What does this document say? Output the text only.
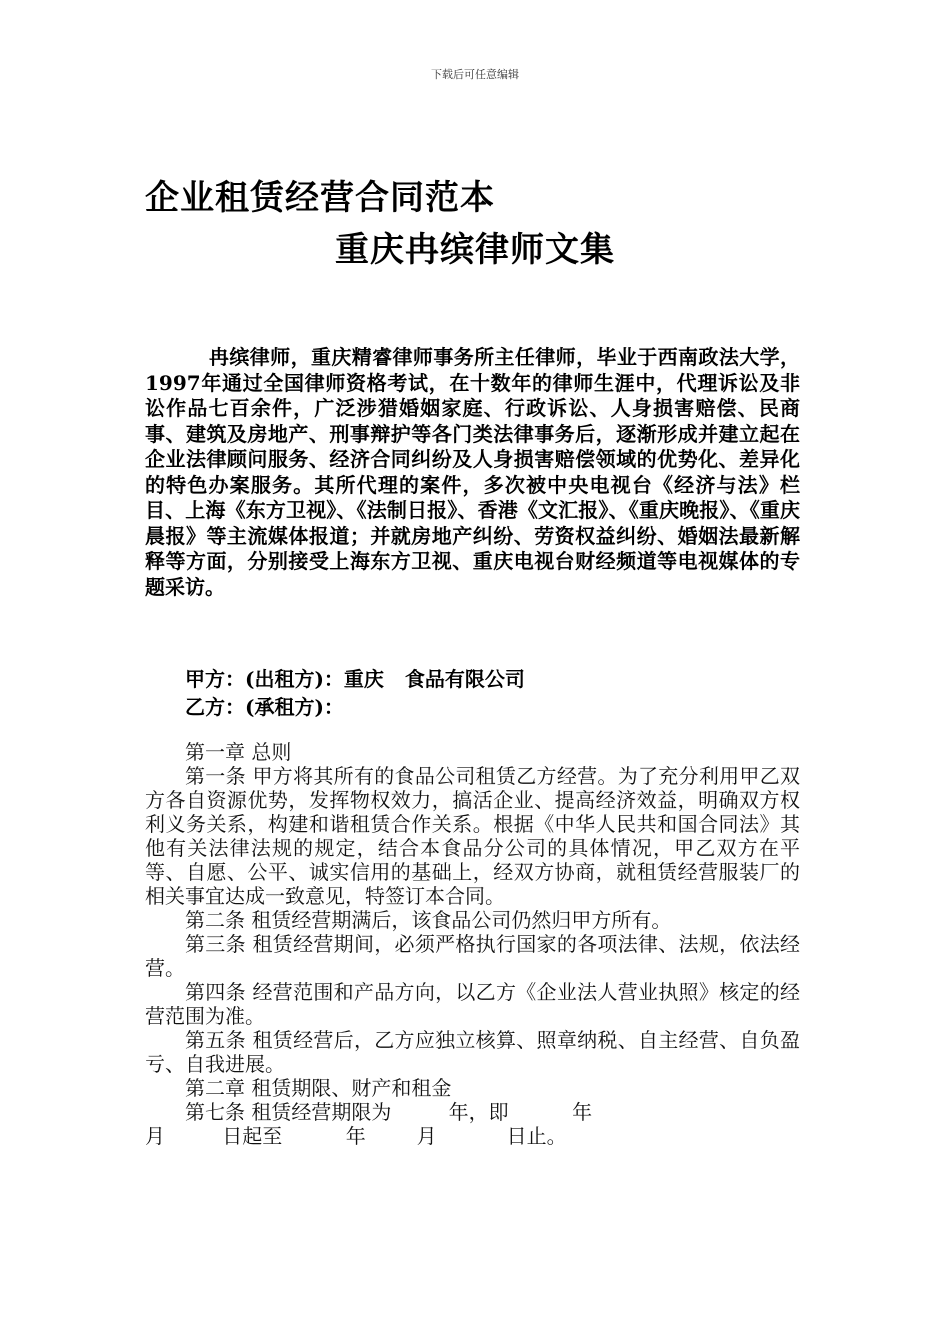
下载后可任意编辑
企业租赁经营合同范本
重庆冉缤律师文集

冉缤律师，重庆精睿律师事务所主任律师，毕业于西南政法大学，1997年通过全国律师资格考试，在十数年的律师生涯中，代理诉讼及非讼作品七百余件，广泛涉猎婚姻家庭、行政诉讼、人身损害赔偿、民商事、建筑及房地产、刑事辩护等各门类法律事务后，逐渐形成并建立起在企业法律顾问服务、经济合同纠纷及人身损害赔偿领域的优势化、差异化的特色办案服务。其所代理的案件，多次被中央电视台《经济与法》栏目、上海《东方卫视》、《法制日报》、香港《文汇报》、《重庆晚报》、《重庆晨报》等主流媒体报道；并就房地产纠纷、劳资权益纠纷、婚姻法最新解释等方面，分别接受上海东方卫视、重庆电视台财经频道等电视媒体的专题采访。

甲方：(出租方)：重庆   食品有限公司
乙方：(承租方)：

第一章 总则

第一条 甲方将其所有的食品公司租赁乙方经营。为了充分利用甲乙双方各自资源优势，发挥物权效力，搞活企业、提高经济效益，明确双方权利义务关系，构建和谐租赁合作关系。根据《中华人民共和国合同法》其他有关法律法规的规定，结合本食品分公司的具体情况，甲乙双方在平等、自愿、公平、诚实信用的基础上，经双方协商，就租赁经营服装厂的相关事宜达成一致意见，特签订本合同。

第二条 租赁经营期满后，该食品公司仍然归甲方所有。

第三条 租赁经营期间，必须严格执行国家的各项法律、法规，依法经营。

第四条 经营范围和产品方向，以乙方《企业法人营业执照》核定的经营范围为准。

第五条 租赁经营后，乙方应独立核算、照章纳税、自主经营、自负盈亏、自我进展。

第二章 租赁期限、财产和租金

第七条 租赁经营期限为         年，即          年

月         日起至          年        月           日止。
